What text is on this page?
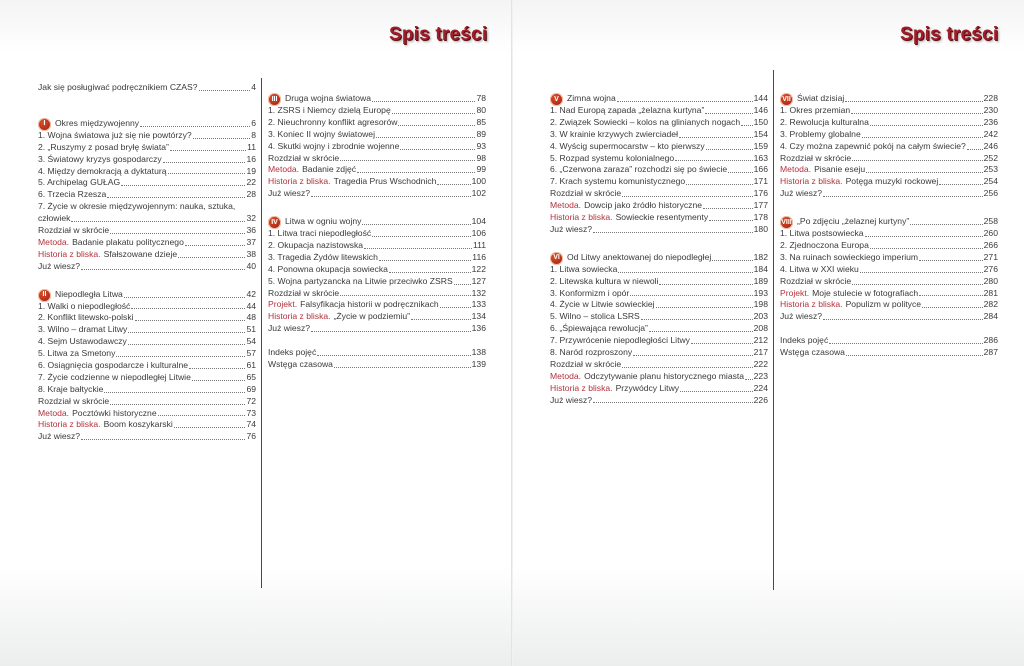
Spis treści
Jak się posługiwać podręcznikiem CZAS?	4
I	Okres międzywojenny	6
1. Wojna światowa już się nie powtórzy?	8
2. „Ruszymy z posad bryłę świata”	11
3. Światowy kryzys gospodarczy	16
4. Między demokracją a dyktaturą	19
5. Archipelag GUŁAG	22
6. Trzecia Rzesza	28
7. Życie w okresie międzywojennym: nauka, sztuka,
człowiek	32
Rozdział w skrócie	36
Metoda. Badanie plakatu politycznego	37
Historia z bliska. Sfałszowane dzieje	38
Już wiesz?	40
II Niepodległa Litwa	42
1. Walki o niepodległość	44
2. Konflikt litewsko-polski	48
3. Wilno – dramat Litwy	51
4. Sejm Ustawodawczy	54
5. Litwa za Smetony	57
6. Osiągnięcia gospodarcze i kulturalne	61
7. Życie codzienne w niepodległej Litwie	65
8. Kraje bałtyckie	69
Rozdział w skrócie	72
Metoda. Pocztówki historyczne	73
Historia z bliska. Boom koszykarski	74
Już wiesz?	76
III Druga wojna światowa	78
1. ZSRS i Niemcy dzielą Europę	80
2. Nieuchronny konflikt agresorów	85
3. Koniec II wojny światowej	89
4. Skutki wojny i zbrodnie wojenne	93
Rozdział w skrócie	98
Metoda. Badanie zdjęć	99
Historia z bliska. Tragedia Prus Wschodnich	100
Już wiesz?	102
IV Litwa w ogniu wojny	104
1. Litwa traci niepodległość	106
2. Okupacja nazistowska	111
3. Tragedia Żydów litewskich	116
4. Ponowna okupacja sowiecka	122
5. Wojna partyzancka na Litwie przeciwko ZSRS 127
Rozdział w skrócie	132
Projekt. Falsyfikacja historii w podręcznikach	133
Historia z bliska. „Życie w podziemiu”	134
Już wiesz?	136
Indeks pojęć	138
Wstęga czasowa	139
Spis treści
V Zimna wojna	144
1. Nad Europą zapada „żelazna kurtyna”	146
2. Związek Sowiecki – kolos na glinianych nogach 150
3. W krainie krzywych zwierciadeł	154
4. Wyścig supermocarstw – kto pierwszy	159
5. Rozpad systemu kolonialnego	163
6. „Czerwona zaraza” rozchodzi się po świecie	166
7. Krach systemu komunistycznego	171
Rozdział w skrócie	176
Metoda. Dowcip jako źródło historyczne	177
Historia z bliska. Sowieckie resentymenty	178
Już wiesz?	180
VI Od Litwy anektowanej do niepodległej	182
1. Litwa sowiecka	184
2. Litewska kultura w niewoli	189
3. Konformizm i opór	193
4. Życie w Litwie sowieckiej	198
5. Wilno – stolica LSRS	203
6. „Śpiewająca rewolucja”	208
7. Przywrócenie niepodległości Litwy	212
8. Naród rozproszony	217
Rozdział w skrócie	222
Metoda. Odczytywanie planu historycznego miasta 223
Historia z bliska. Przywódcy Litwy	224
Już wiesz?	226
VII Świat dzisiaj	228
1. Okres przemian	230
2. Rewolucja kulturalna	236
3. Problemy globalne	242
4. Czy można zapewnić pokój na całym świecie? 246
Rozdział w skrócie	252
Metoda. Pisanie eseju	253
Historia z bliska. Potęga muzyki rockowej	254
Już wiesz?	256
VIII „Po zdjęciu „żelaznej kurtyny”	258
1. Litwa postsowiecka	260
2. Zjednoczona Europa	266
3. Na ruinach sowieckiego imperium	271
4. Litwa w XXI wieku	276
Rozdział w skrócie	280
Projekt. Moje stulecie w fotografiach	281
Historia z bliska. Populizm w polityce	282
Już wiesz?	284
Indeks pojęć	286
Wstęga czasowa	287
